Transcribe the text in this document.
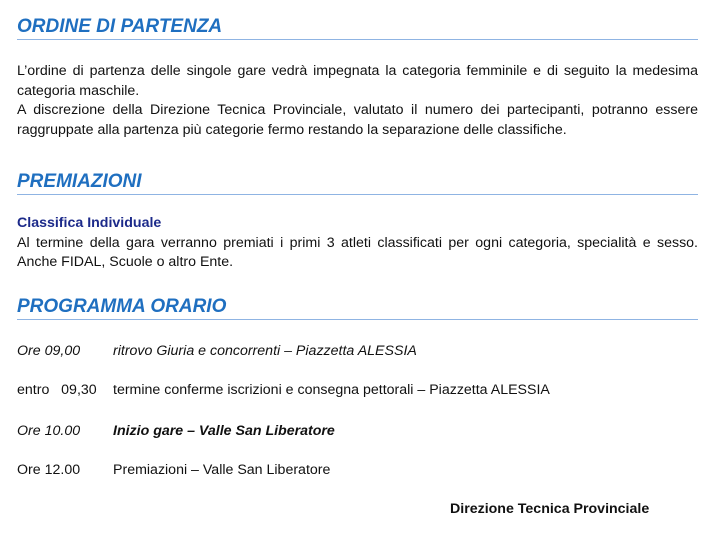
ORDINE DI PARTENZA

L’ordine di partenza delle singole gare vedrà impegnata la categoria femminile e di seguito la medesima categoria maschile.

A discrezione della Direzione Tecnica Provinciale, valutato il numero dei partecipanti, potranno essere raggruppate alla partenza più categorie fermo restando la separazione delle classifiche.

PREMIAZIONI

Classifica Individuale

Al termine della gara verranno premiati i primi 3 atleti classificati per ogni categoria, specialità e sesso. Anche FIDAL, Scuole o altro Ente.

PROGRAMMA ORARIO
Ore 09,00 ritrovo Giuria e concorrenti – Piazzetta ALESSIA
entro   09,30 termine conferme iscrizioni e consegna pettorali – Piazzetta ALESSIA
Ore 10.00 Inizio gare – Valle San Liberatore
Ore 12.00 Premiazioni – Valle San Liberatore
Direzione Tecnica Provinciale
